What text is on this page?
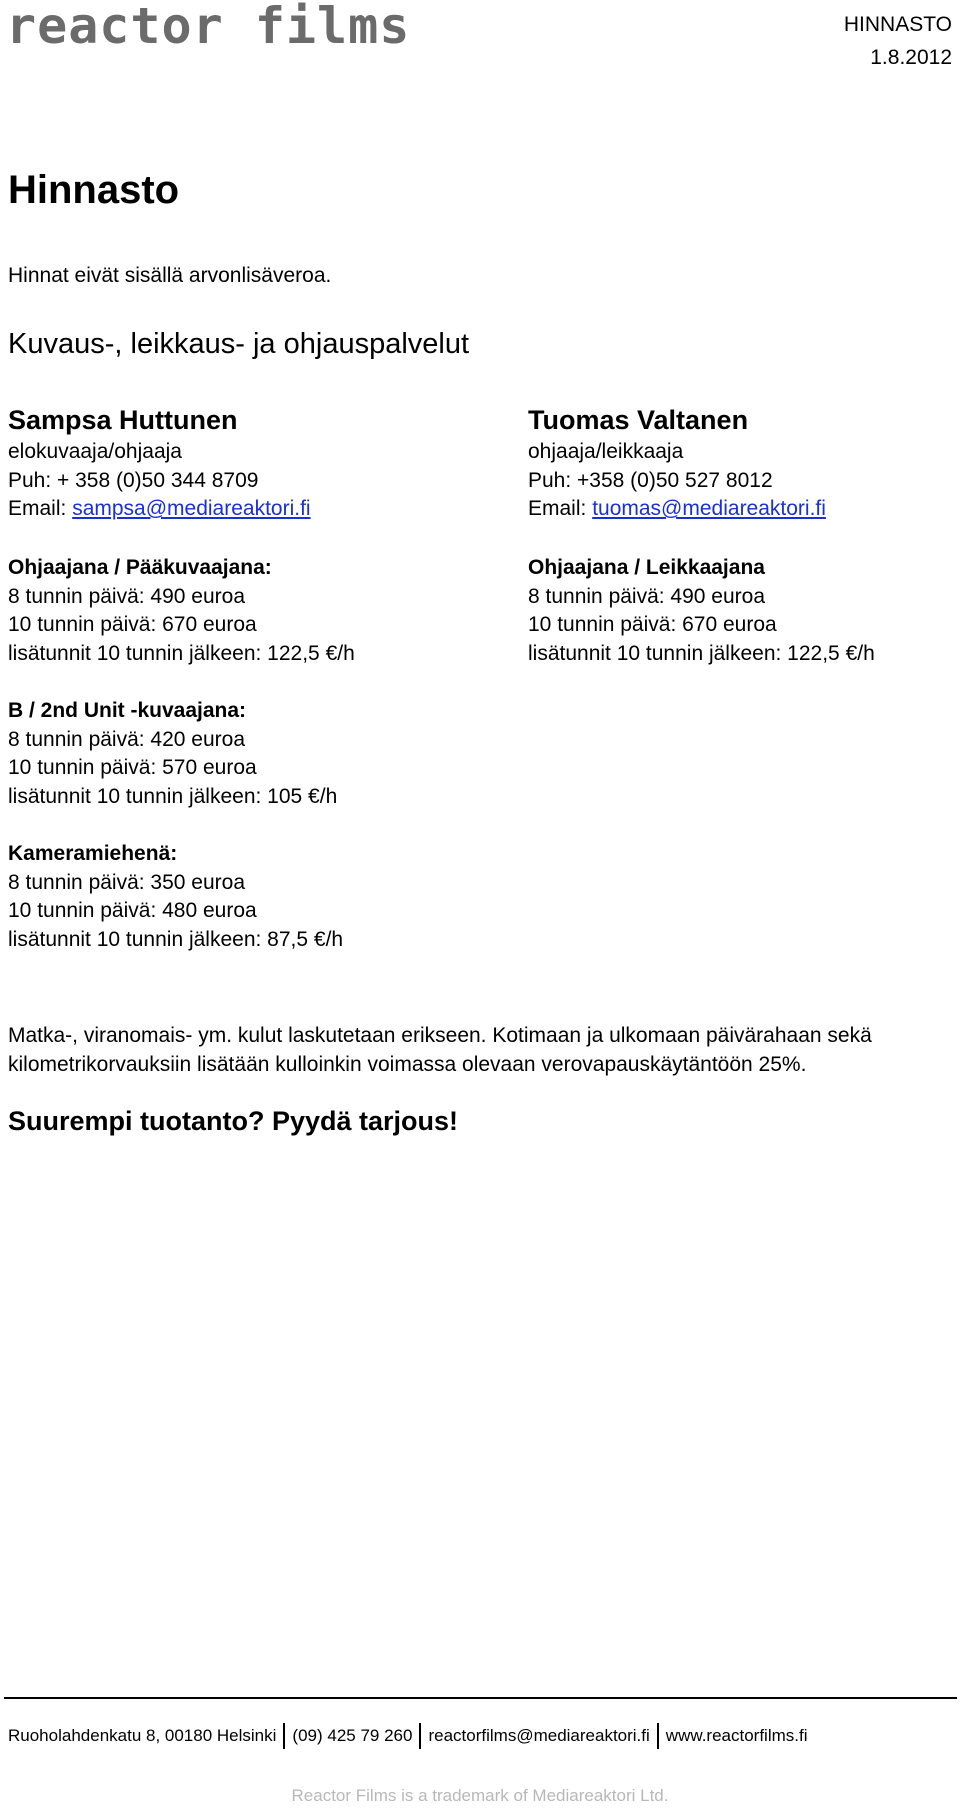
reactor films	HINNASTO
1.8.2012
Hinnasto
Hinnat eivät sisällä arvonlisäveroa.
Kuvaus-, leikkaus- ja ohjauspalvelut
Sampsa Huttunen
elokuvaaja/ohjaaja
Puh: + 358 (0)50 344 8709
Email: sampsa@mediareaktori.fi
Ohjaajana / Pääkuvaajana:
8 tunnin päivä: 490 euroa
10 tunnin päivä: 670 euroa
lisätunnit 10 tunnin jälkeen: 122,5 €/h
Tuomas Valtanen
ohjaaja/leikkaaja
Puh: +358 (0)50 527 8012
Email: tuomas@mediareaktori.fi
Ohjaajana / Leikkaajana
8 tunnin päivä: 490 euroa
10 tunnin päivä: 670 euroa
lisätunnit 10 tunnin jälkeen: 122,5 €/h
B / 2nd Unit -kuvaajana:
8 tunnin päivä: 420 euroa
10 tunnin päivä: 570 euroa
lisätunnit 10 tunnin jälkeen: 105 €/h
Kameramiehenä:
8 tunnin päivä: 350 euroa
10 tunnin päivä: 480 euroa
lisätunnit 10 tunnin jälkeen: 87,5 €/h
Matka-, viranomais- ym. kulut laskutetaan erikseen. Kotimaan ja ulkomaan päivärahaan sekä
kilometrikorvauksiin lisätään kulloinkin voimassa olevaan verovapauskäytäntöön 25%.
Suurempi tuotanto? Pyydä tarjous!
Ruoholahdenkatu 8, 00180 Helsinki (09) 425 79 260 reactorfilms@mediareaktori.fi www.reactorfilms.fi
Reactor Films is a trademark of Mediareaktori Ltd.
